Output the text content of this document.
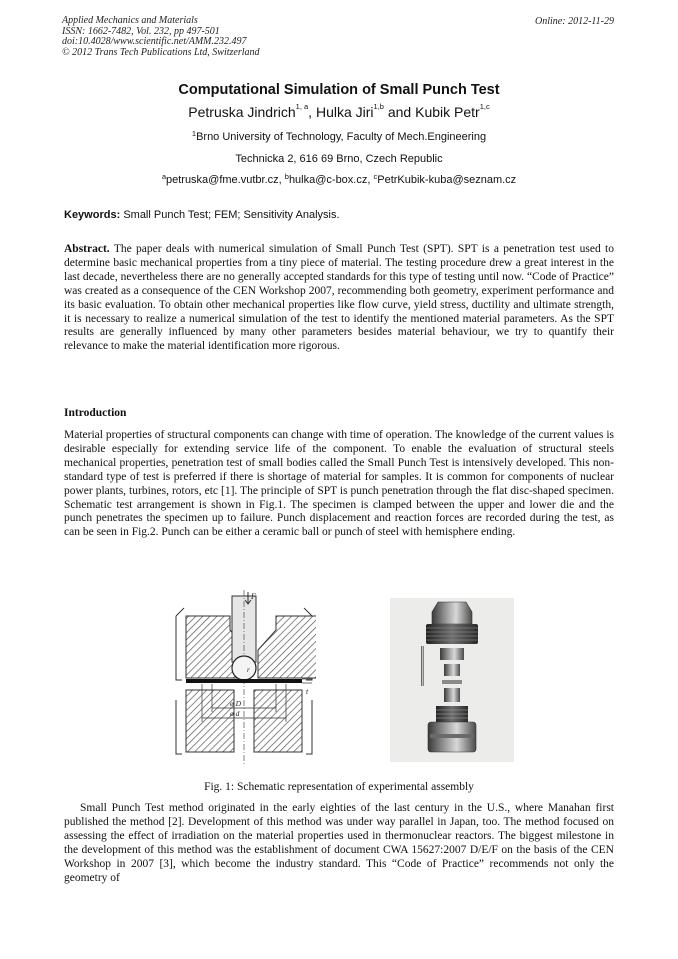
Applied Mechanics and Materials
ISSN: 1662-7482, Vol. 232, pp 497-501
doi:10.4028/www.scientific.net/AMM.232.497
© 2012 Trans Tech Publications Ltd, Switzerland
Online: 2012-11-29
Computational Simulation of Small Punch Test
Petruska Jindrich$^{1, a}$, Hulka Jiri$^{1,b}$ and Kubik Petr$^{1,c}$
$^1$Brno University of Technology, Faculty of Mech.Engineering
Technicka 2, 616 69 Brno, Czech Republic
$^a$petruska@fme.vutbr.cz, $^b$hulka@c-box.cz, $^c$PetrKubik-kuba@seznam.cz
Keywords: Small Punch Test; FEM; Sensitivity Analysis.
Abstract. The paper deals with numerical simulation of Small Punch Test (SPT). SPT is a penetration test used to determine basic mechanical properties from a tiny piece of material. The testing procedure drew a great interest in the last decade, nevertheless there are no generally accepted standards for this type of testing until now. “Code of Practice” was created as a consequence of the CEN Workshop 2007, recommending both geometry, experiment performance and its basic evaluation. To obtain other mechanical properties like flow curve, yield stress, ductility and ultimate strength, it is necessary to realize a numerical simulation of the test to identify the mentioned material parameters. As the SPT results are generally influenced by many other parameters besides material behaviour, we try to quantify their relevance to make the material identification more rigorous.
Introduction
Material properties of structural components can change with time of operation. The knowledge of the current values is desirable especially for extending service life of the component. To enable the evaluation of structural steels mechanical properties, penetration test of small bodies called the Small Punch Test is intensively developed. This non-standard type of test is preferred if there is shortage of material for samples. It is common for components of nuclear power plants, turbines, rotors, etc [1]. The principle of SPT is punch penetration through the flat disc-shaped specimen. Schematic test arrangement is shown in Fig.1. The specimen is clamped between the upper and lower die and the punch penetrates the specimen up to failure. Punch displacement and reaction forces are recorded during the test, as can be seen in Fig.2. Punch can be either a ceramic ball or punch of steel with hemisphere ending.
F
t
ø D
ø d
r
Fig. 1: Schematic representation of experimental assembly
Small Punch Test method originated in the early eighties of the last century in the U.S., where Manahan first published the method [2]. Development of this method was under way parallel in Japan, too. The method focused on assessing the effect of irradiation on the material properties used in thermonuclear reactors. The biggest milestone in the development of this method was the establishment of document CWA 15627:2007 D/E/F on the basis of the CEN Workshop in 2007 [3], which become the industry standard. This “Code of Practice” recommends not only the geometry of
